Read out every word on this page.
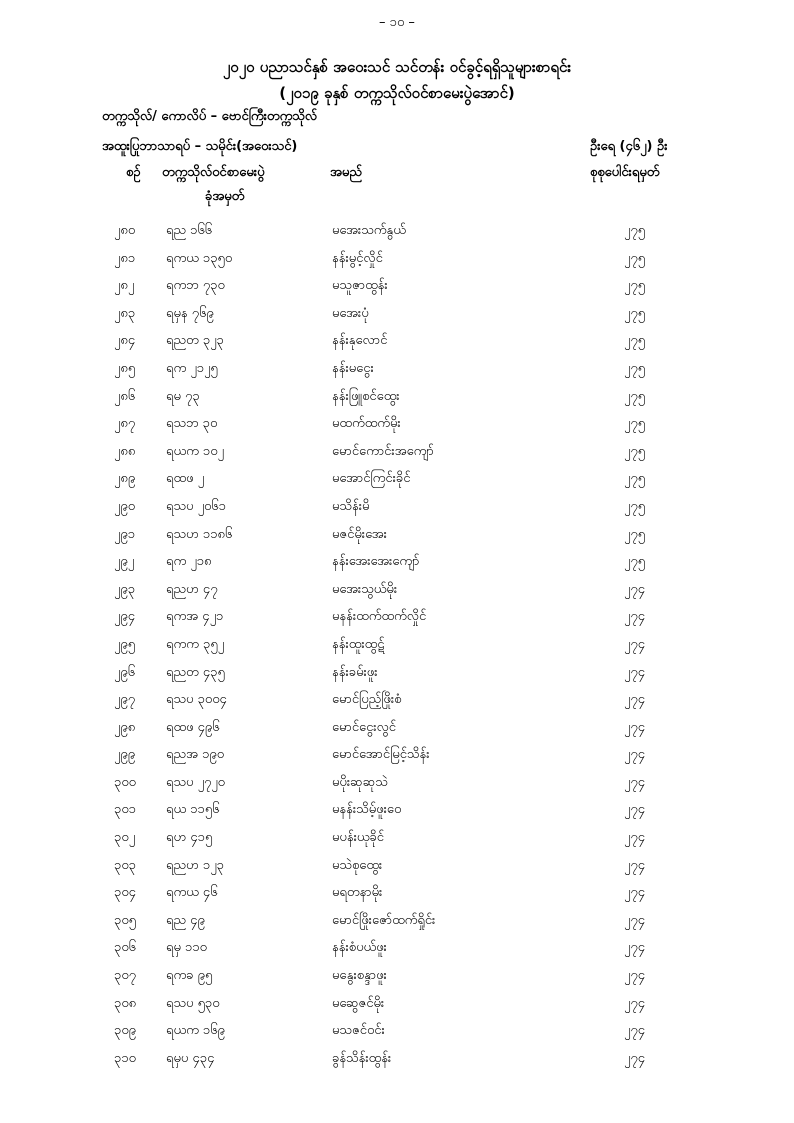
– ၁၀ –
၂၀၂၀ ပညာသင်နှစ် အဝေးသင် သင်တန်း ဝင်ခွင့်ရရှိသူများစာရင်း
(၂၀၁၉ ခုနှစ် တက္ကသိုလ်ဝင်စာမေးပွဲအောင်)
တက္ကသိုလ်/ ကောလိပ် – ဗောင်ကြီးတက္ကသိုလ်
အထူးပြုဘာသာရပ် – သမိုင်း(အဝေးသင်)	ဦးရေ (၄၆၂) ဦး
စဉ် တက္ကသိုလ်ဝင်စာမေးပွဲ
ခုံအမှတ်
အမည်	စုစုပေါင်းရမှတ်
၂၈၀ ရည ၁၆၆	မအေးသက်နွယ်	၂၇၅
၂၈၁ ရကယ ၁၃၅၀	နန်းမွင့်လှိုင်	၂၇၅
၂၈၂ ရကဘ ၇၃၀	မသူဇာထွန်း	၂၇၅
၂၈၃ ရမှန ၇၆၉	မအေးပုံ	၂၇၅
၂၈၄ ရညတ ၃၂၃	နန်းနုလောင်	၂၇၅
၂၈၅ ရက ၂၁၂၅	နန်းမငွေး	၂၇၅
၂၈၆ ရမ ၇၃	နန်းဖြူစင်ထွေး	၂၇၅
၂၈၇ ရသဘ ၃၀	မထက်ထက်မိုး	၂၇၅
၂၈၈ ရယက ၁၀၂	မောင်ကောင်းအကျော်	၂၇၅
၂၈၉ ရထဖ ၂	မအောင်ကြင်းခိုင်	၂၇၅
၂၉၀ ရသပ ၂၀၆၁	မသိန်းမိ	၂၇၅
၂၉၁ ရသဟ ၁၁၈၆	မဇင်မိုးအေး	၂၇၅
၂၉၂ ရက ၂၁၈	နန်းအေးအေးကျော်	၂၇၅
၂၉၃ ရညဟ ၄၇	မအေးသွယ်မိုး	၂၇၄
၂၉၄ ရကအ ၄၂၁	မနန်းထက်ထက်လှိုင်	၂၇၄
၂၉၅ ရကက ၃၅၂	နန်းထူးထွဋ်	၂၇၄
၂၉၆ ရညတ ၄၃၅	နန်းခမ်းဖူး	၂၇၄
၂၉၇ ရသပ ၃၀၀၄	မောင်ပြည့်ဖြိုးစံ	၂၇၄
၂၉၈ ရထဖ ၄၉၆	မောင်ငွေးလွင်	၂၇၄
၂၉၉ ရညအ ၁၉၀	မောင်အောင်မြင့်သိန်း	၂၇၄
၃၀၀ ရသပ ၂၇၂၀	မပိုးဆုဆုသဲ	၂၇၄
၃၀၁ ရယ ၁၁၅၆	မနန်းသိမ့်ဖူးဝေ	၂၇၄
၃၀၂ ရဟ ၄၁၅	မပန်းယုခိုင်	၂၇၄
၃၀၃ ရညဟ ၁၂၃	မသဲစုထွေး	၂၇၄
၃၀၄ ရကယ ၄၆	မရတနာမိုး	၂၇၄
၃၀၅ ရည ၄၉	မောင်ဖြိုးဇော်ထက်ရှိုင်း	၂၇၄
၃၀၆ ရမှ ၁၁၀	နန်းစံပယ်ဖူး	၂၇၄
၃၀၇ ရကခ ၉၅	မနွေးစန္ဒာဖူး	၂၇၄
၃၀၈ ရသပ ၅၃၀	မဆွေဇင်မိုး	၂၇၄
၃၀၉ ရယက ၁၆၉	မသဇင်ဝင်း	၂၇၄
၃၁၀ ရမှပ ၄၃၄	ခွန်သိန်းထွန်း	၂၇၄
